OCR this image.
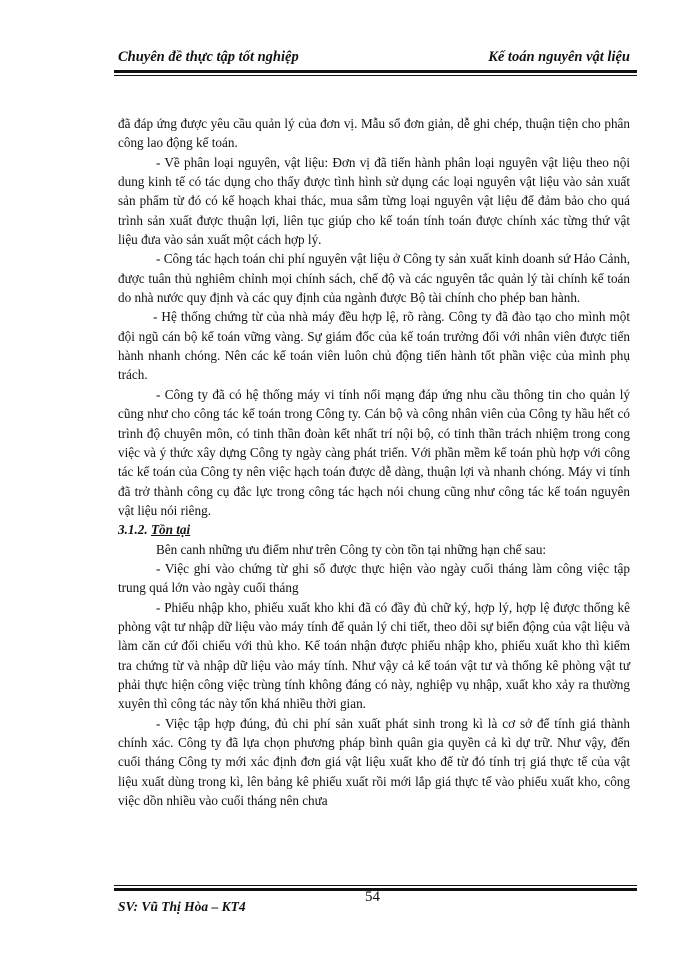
Chuyên đề thực tập tốt nghiệp	Kế toán nguyên vật liệu

đã đáp ứng được yêu cầu quản lý của đơn vị. Mẫu sổ đơn giản, dễ ghi chép, thuận tiện cho phân công lao động kế toán.

- Về phân loại nguyên, vật liệu: Đơn vị đã tiến hành phân loại nguyên vật liệu theo nội dung kinh tế có tác dụng cho thấy được tình hình sử dụng các loại nguyên vật liệu vào sản xuất sản phẩm từ đó có kế hoạch khai thác, mua sắm từng loại nguyên vật liệu để đảm bảo cho quá trình sản xuất được thuận lợi, liên tục giúp cho kế toán tính toán được chính xác từng thứ vật liệu đưa vào sản xuất một cách hợp lý.

- Công tác hạch toán chi phí nguyên vật liệu ở Công ty sản xuất kinh doanh sứ Hảo Cảnh, được tuân thủ nghiêm chỉnh mọi chính sách, chế độ và các nguyên tắc quản lý tài chính kế toán do nhà nước quy định và các quy định của ngành được Bộ tài chính cho phép ban hành.

- Hệ thống chứng từ của nhà máy đều hợp lệ, rõ ràng. Công ty đã đào tạo cho mình một đội ngũ cán bộ kế toán vững vàng. Sự giám đốc của kế toán trưởng đối với nhân viên được tiến hành nhanh chóng. Nên các kế toán viên luôn chủ động tiến hành tốt phần việc của mình phụ trách.

- Công ty đã có hệ thống máy vi tính nối mạng đáp ứng nhu cầu thông tin cho quản lý cũng như cho công tác kế toán trong Công ty. Cán bộ và công nhân viên của Công ty hầu hết có trình độ chuyên môn, có tinh thần đoàn kết nhất trí nội bộ, có tinh thần trách nhiệm trong cong việc và ý thức xây dựng Công ty ngày càng phát triển. Với phần mềm kế toán phù hợp với công tác kế toán của Công ty nên việc hạch toán được dễ dàng, thuận lợi và nhanh chóng. Máy vi tính đã trở thành công cụ đắc lực trong công tác hạch nói chung cũng như công tác kế toán nguyên vật liệu nói riêng.

3.1.2. Tồn tại

Bên canh những ưu điểm như trên Công ty còn tồn tại những hạn chế sau:

- Việc ghi vào chứng từ ghi sổ được thực hiện vào ngày cuối tháng làm công việc tập trung quá lớn vào ngày cuối tháng

- Phiếu nhập kho, phiếu xuất kho khi đã có đầy đủ chữ ký, hợp lý, hợp lệ được thống kê phòng vật tư nhập dữ liệu vào máy tính để quản lý chi tiết, theo dõi sự biến động của vật liệu và làm căn cứ đối chiếu với thủ kho. Kế toán nhận được phiếu nhập kho, phiếu xuất kho thì kiểm tra chứng từ và nhập dữ liệu vào máy tính. Như vậy cả kế toán vật tư và thống kê phòng vật tư phải thực hiện công việc trùng tính không đáng có này, nghiệp vụ nhập, xuất kho xảy ra thường xuyên thì công tác này tốn khá nhiều thời gian.

- Việc tập hợp đúng, đủ chi phí sản xuất phát sinh trong kì là cơ sở để tính giá thành chính xác. Công ty đã lựa chọn phương pháp bình quân gia quyền cả kì dự trữ. Như vậy, đến cuối tháng Công ty mới xác định đơn giá vật liệu xuất kho để từ đó tính trị giá thực tế của vật liệu xuất dùng trong kì, lên bảng kê phiếu xuất rồi mới lắp giá thực tế vào phiếu xuất kho, công việc dồn nhiều vào cuối tháng nên chưa

SV: Vũ Thị Hòa – KT4
54
